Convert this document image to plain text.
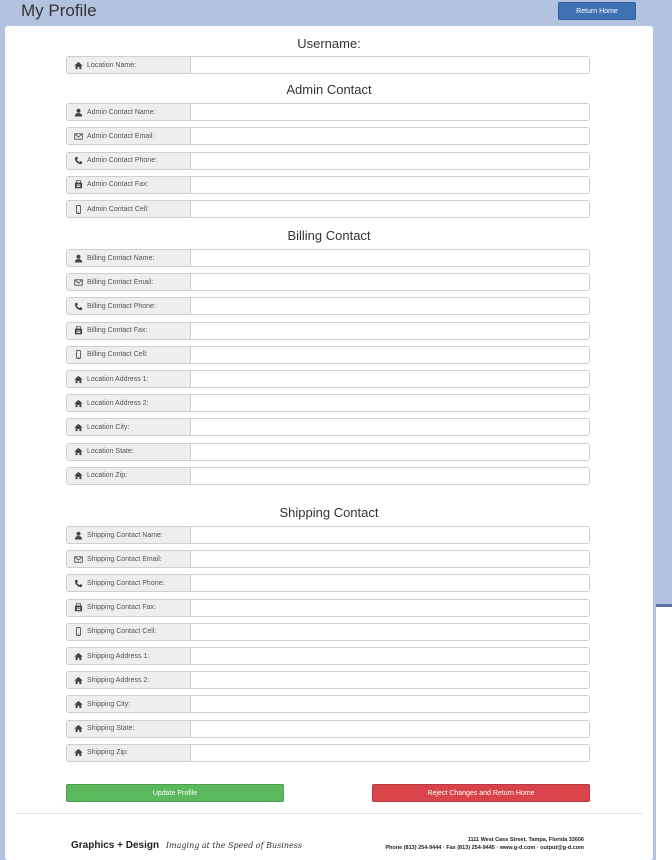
My Profile	Return Home
Username:
Location Name:
Admin Contact
Admin Contact Name:
Admin Contact Email:
Admin Contact Phone:
Admin Contact Fax:
Admin Contact Cell:
Billing Contact
Billing Contact Name:
Billing Contact Email:
Billing Contact Phone:
Billing Contact Fax:
Billing Contact Cell:
Location Address 1:
Location Address 2:
Location City:
Location State:
Location Zip:
Shipping Contact
Shipping Contact Name:
Shipping Contact Email:
Shipping Contact Phone:
Shipping Contact Fax:
Shipping Contact Cell:
Shipping Address 1:
Shipping Address 2:
Shipping City:
Shipping State:
Shipping Zip:
Update Profile	Reject Changes and Return Home
Graphics + Design Imaging at the Speed of Business
1111 West Cass Street, Tampa, Florida 33606
Phone (813) 254-9444 · Fax (813) 254-9445 · www.g-d.com · output@g-d.com
